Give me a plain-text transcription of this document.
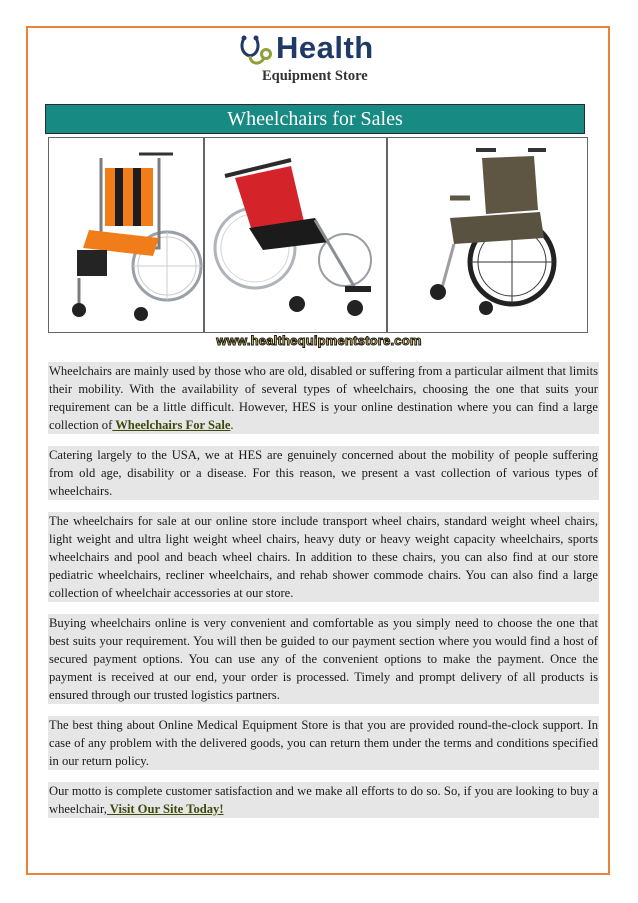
Health
Equipment Store
Wheelchairs for Sales
www.healthequipmentstore.com

Wheelchairs are mainly used by those who are old, disabled or suffering from a particular ailment that limits their mobility. With the availability of several types of wheelchairs, choosing the one that suits your requirement can be a little difficult. However, HES is your online destination where you can find a large collection of Wheelchairs For Sale.

Catering largely to the USA, we at HES are genuinely concerned about the mobility of people suffering from old age, disability or a disease. For this reason, we present a vast collection of various types of wheelchairs.

The wheelchairs for sale at our online store include transport wheel chairs, standard weight wheel chairs, light weight and ultra light weight wheel chairs, heavy duty or heavy weight capacity wheelchairs, sports wheelchairs and pool and beach wheel chairs. In addition to these chairs, you can also find at our store pediatric wheelchairs, recliner wheelchairs, and rehab shower commode chairs. You can also find a large collection of wheelchair accessories at our store.

Buying wheelchairs online is very convenient and comfortable as you simply need to choose the one that best suits your requirement. You will then be guided to our payment section where you would find a host of secured payment options. You can use any of the convenient options to make the payment. Once the payment is received at our end, your order is processed. Timely and prompt delivery of all products is ensured through our trusted logistics partners.

The best thing about Online Medical Equipment Store is that you are provided round-the-clock support. In case of any problem with the delivered goods, you can return them under the terms and conditions specified in our return policy.

Our motto is complete customer satisfaction and we make all efforts to do so. So, if you are looking to buy a wheelchair, Visit Our Site Today!
